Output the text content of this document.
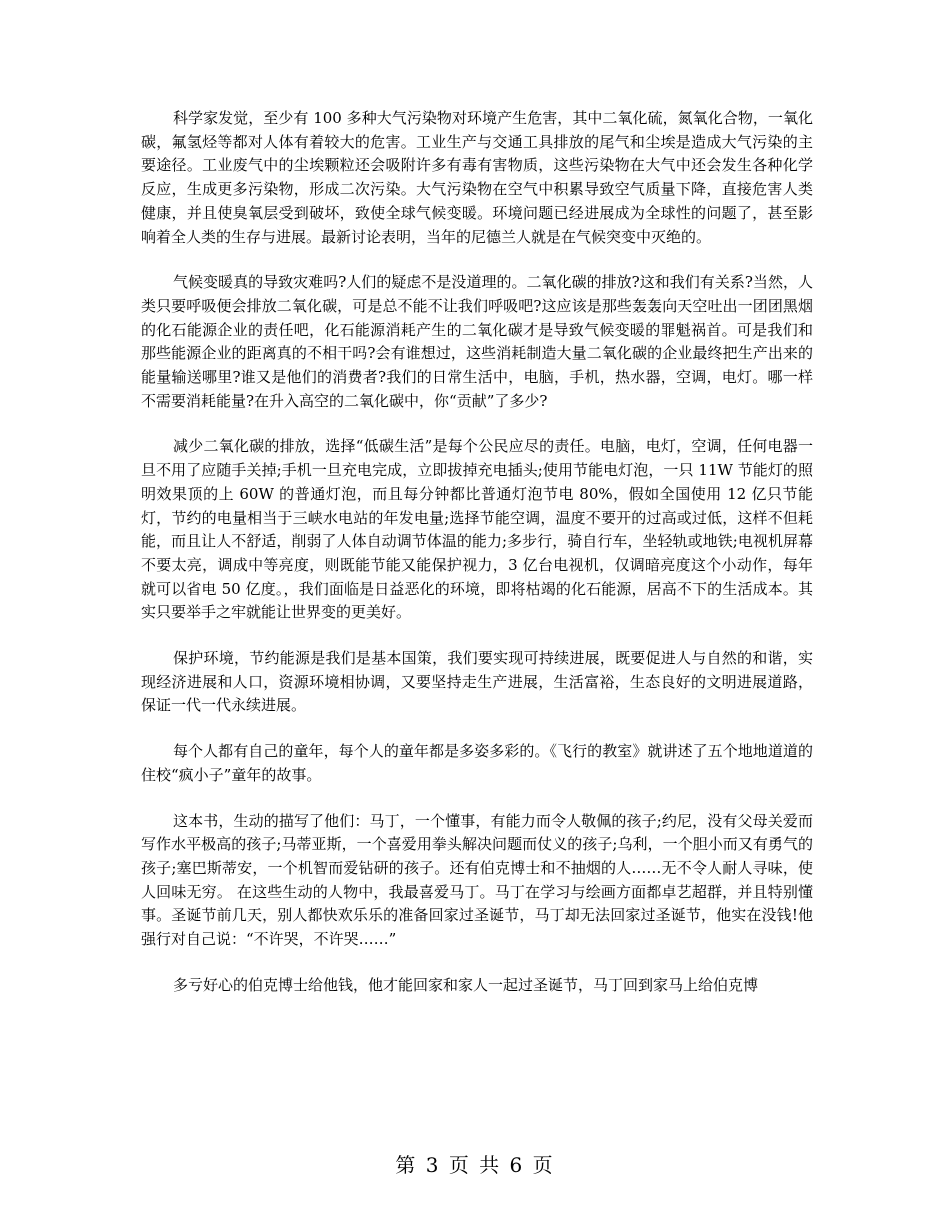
科学家发觉，至少有 100 多种大气污染物对环境产生危害，其中二氧化硫，氮氧化合物，一氧化碳，氟氢烃等都对人体有着较大的危害。工业生产与交通工具排放的尾气和尘埃是造成大气污染的主要途径。工业废气中的尘埃颗粒还会吸附许多有毒有害物质，这些污染物在大气中还会发生各种化学反应，生成更多污染物，形成二次污染。大气污染物在空气中积累导致空气质量下降，直接危害人类健康，并且使臭氧层受到破坏，致使全球气候变暖。环境问题已经进展成为全球性的问题了，甚至影响着全人类的生存与进展。最新讨论表明，当年的尼德兰人就是在气候突变中灭绝的。

气候变暖真的导致灾难吗?人们的疑虑不是没道理的。二氧化碳的排放?这和我们有关系?当然，人类只要呼吸便会排放二氧化碳，可是总不能不让我们呼吸吧?这应该是那些轰轰向天空吐出一团团黑烟的化石能源企业的责任吧，化石能源消耗产生的二氧化碳才是导致气候变暖的罪魁祸首。可是我们和那些能源企业的距离真的不相干吗?会有谁想过，这些消耗制造大量二氧化碳的企业最终把生产出来的能量输送哪里?谁又是他们的消费者?我们的日常生活中，电脑，手机，热水器，空调，电灯。哪一样不需要消耗能量?在升入高空的二氧化碳中，你“贡献”了多少?

减少二氧化碳的排放，选择“低碳生活”是每个公民应尽的责任。电脑，电灯，空调，任何电器一旦不用了应随手关掉;手机一旦充电完成，立即拔掉充电插头;使用节能电灯泡，一只 11W 节能灯的照明效果顶的上 60W 的普通灯泡，而且每分钟都比普通灯泡节电 80%，假如全国使用 12 亿只节能灯，节约的电量相当于三峡水电站的年发电量;选择节能空调，温度不要开的过高或过低，这样不但耗能，而且让人不舒适，削弱了人体自动调节体温的能力;多步行，骑自行车，坐轻轨或地铁;电视机屏幕不要太亮，调成中等亮度，则既能节能又能保护视力，3 亿台电视机，仅调暗亮度这个小动作，每年就可以省电 50 亿度。，我们面临是日益恶化的环境，即将枯竭的化石能源，居高不下的生活成本。其实只要举手之牢就能让世界变的更美好。

保护环境，节约能源是我们是基本国策，我们要实现可持续进展，既要促进人与自然的和谐，实现经济进展和人口，资源环境相协调，又要坚持走生产进展，生活富裕，生态良好的文明进展道路，保证一代一代永续进展。

每个人都有自己的童年，每个人的童年都是多姿多彩的。《飞行的教室》就讲述了五个地地道道的住校“疯小子”童年的故事。

这本书，生动的描写了他们：马丁，一个懂事，有能力而令人敬佩的孩子;约尼，没有父母关爱而写作水平极高的孩子;马蒂亚斯，一个喜爱用拳头解决问题而仗义的孩子;乌利，一个胆小而又有勇气的孩子;塞巴斯蒂安，一个机智而爱钻研的孩子。还有伯克博士和不抽烟的人……无不令人耐人寻味，使人回味无穷。 在这些生动的人物中，我最喜爱马丁。马丁在学习与绘画方面都卓艺超群，并且特别懂事。圣诞节前几天，别人都快欢乐乐的准备回家过圣诞节，马丁却无法回家过圣诞节，他实在没钱!他强行对自己说：“不许哭，不许哭……”

多亏好心的伯克博士给他钱，他才能回家和家人一起过圣诞节，马丁回到家马上给伯克博

第 3 页 共 6 页
